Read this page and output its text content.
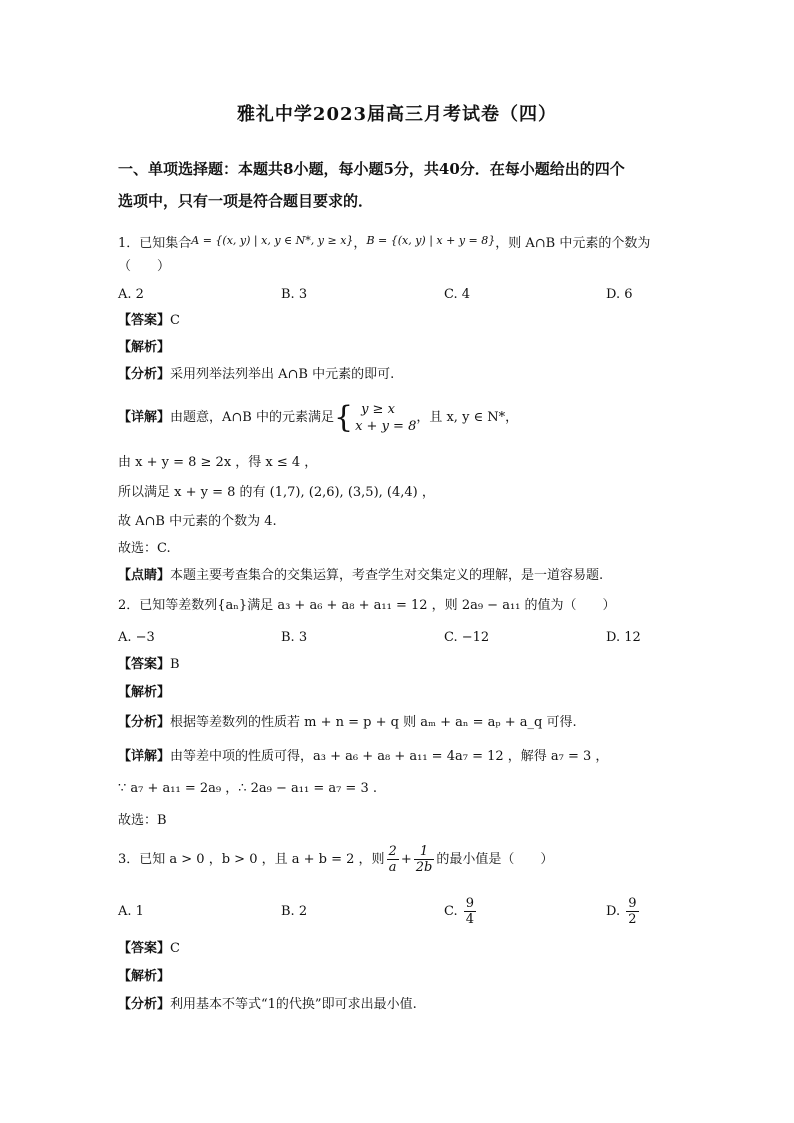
雅礼中学2023届高三月考试卷（四）
一、单项选择题：本题共8小题，每小题5分，共40分．在每小题给出的四个
选项中，只有一项是符合题目要求的．
1．已知集合$^{A = \{(x, y) | x, y \in N*, y \ge x\}}$，$^{B = \{(x, y) | x + y = 8\}}$，则 A∩B 中元素的个数为
（　　）
A. 2	B. 3	C. 4	D. 6
【答案】C
【解析】
【分析】采用列举法列举出 A∩B 中元素的即可.
【详解】由题意，A∩B 中的元素满足{ y ≥ x
x + y = 8
，且 x, y ∈ N*，
由 x + y = 8 ≥ 2x ，得 x ≤ 4 ，
所以满足 x + y = 8 的有 (1,7), (2,6), (3,5), (4,4) ，
故 A∩B 中元素的个数为 4.
故选：C.
【点睛】本题主要考查集合的交集运算，考查学生对交集定义的理解，是一道容易题.
2．已知等差数列{aₙ}满足 a₃ + a₆ + a₈ + a₁₁ = 12 ，则 2a₉ − a₁₁ 的值为（　　）
A. −3	B. 3	C. −12	D. 12
【答案】B
【解析】
【分析】根据等差数列的性质若 m + n = p + q 则 aₘ + aₙ = aₚ + a_q 可得.
【详解】由等差中项的性质可得，a₃ + a₆ + a₈ + a₁₁ = 4a₇ = 12 ，解得 a₇ = 3 ，
∵ a₇ + a₁₁ = 2a₉ ，∴ 2a₉ − a₁₁ = a₇ = 3 .
故选：B
3．已知 a > 0 ，b > 0 ，且 a + b = 2 ，则 $\frac{2}{a} + \frac{1}{2b}$ 的最小值是（　　）
A. 1	B. 2	C. $\frac{9}{4}$	D. $\frac{9}{2}$
【答案】C
【解析】
【分析】利用基本不等式“1的代换”即可求出最小值.
